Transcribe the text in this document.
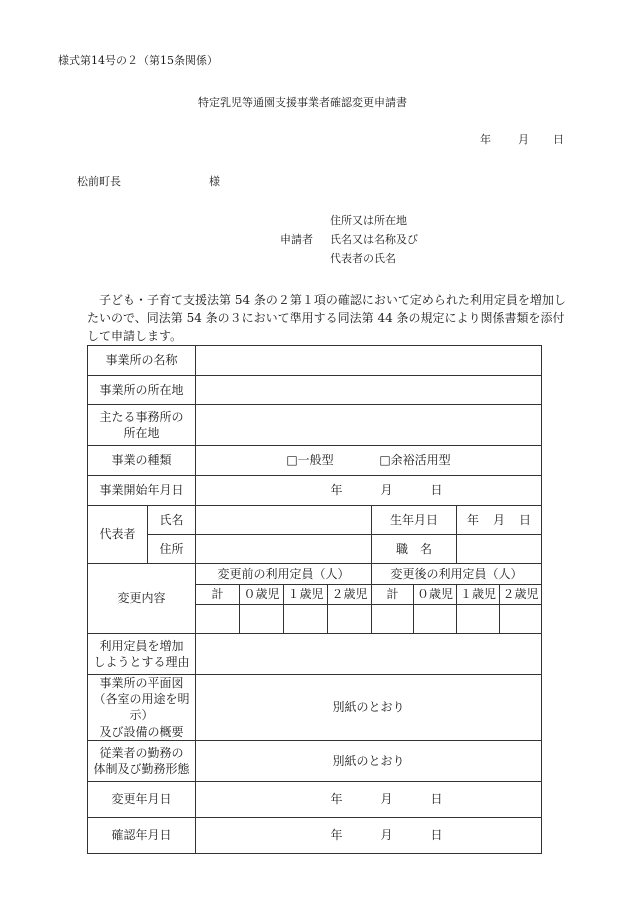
様式第14号の２（第15条関係）
特定乳児等通園支援事業者確認変更申請書
年 月 日
松前町長	様
住所又は所在地
申請者 氏名又は名称及び
代表者の氏名
子ども・子育て支援法第 54 条の２第１項の確認において定められた利用定員を増加し
たいので、同法第 54 条の３において準用する同法第 44 条の規定により関係書類を添付
して申請します。
事業所の名称									
事業所の所在地									

主たる事務所の
所在地									

事業の種類		□一般型 □余裕活用型							
事業開始年月日		年 月 日							
代表者	氏名					生年月日		年 月 日	
	住所					職　名			
変更内容		変更前の利用定員（人）				変更後の利用定員（人）			
		計	０歳児	１歳児	２歳児	計	０歳児	１歳児	２歳児

利用定員を増加
しようとする理由									

事業所の平面図
（各室の用途を明示）
及び設備の概要		別紙のとおり							

従業者の勤務の
体制及び勤務形態		別紙のとおり							
変更年月日		年 月 日							
確認年月日		年 月 日							
